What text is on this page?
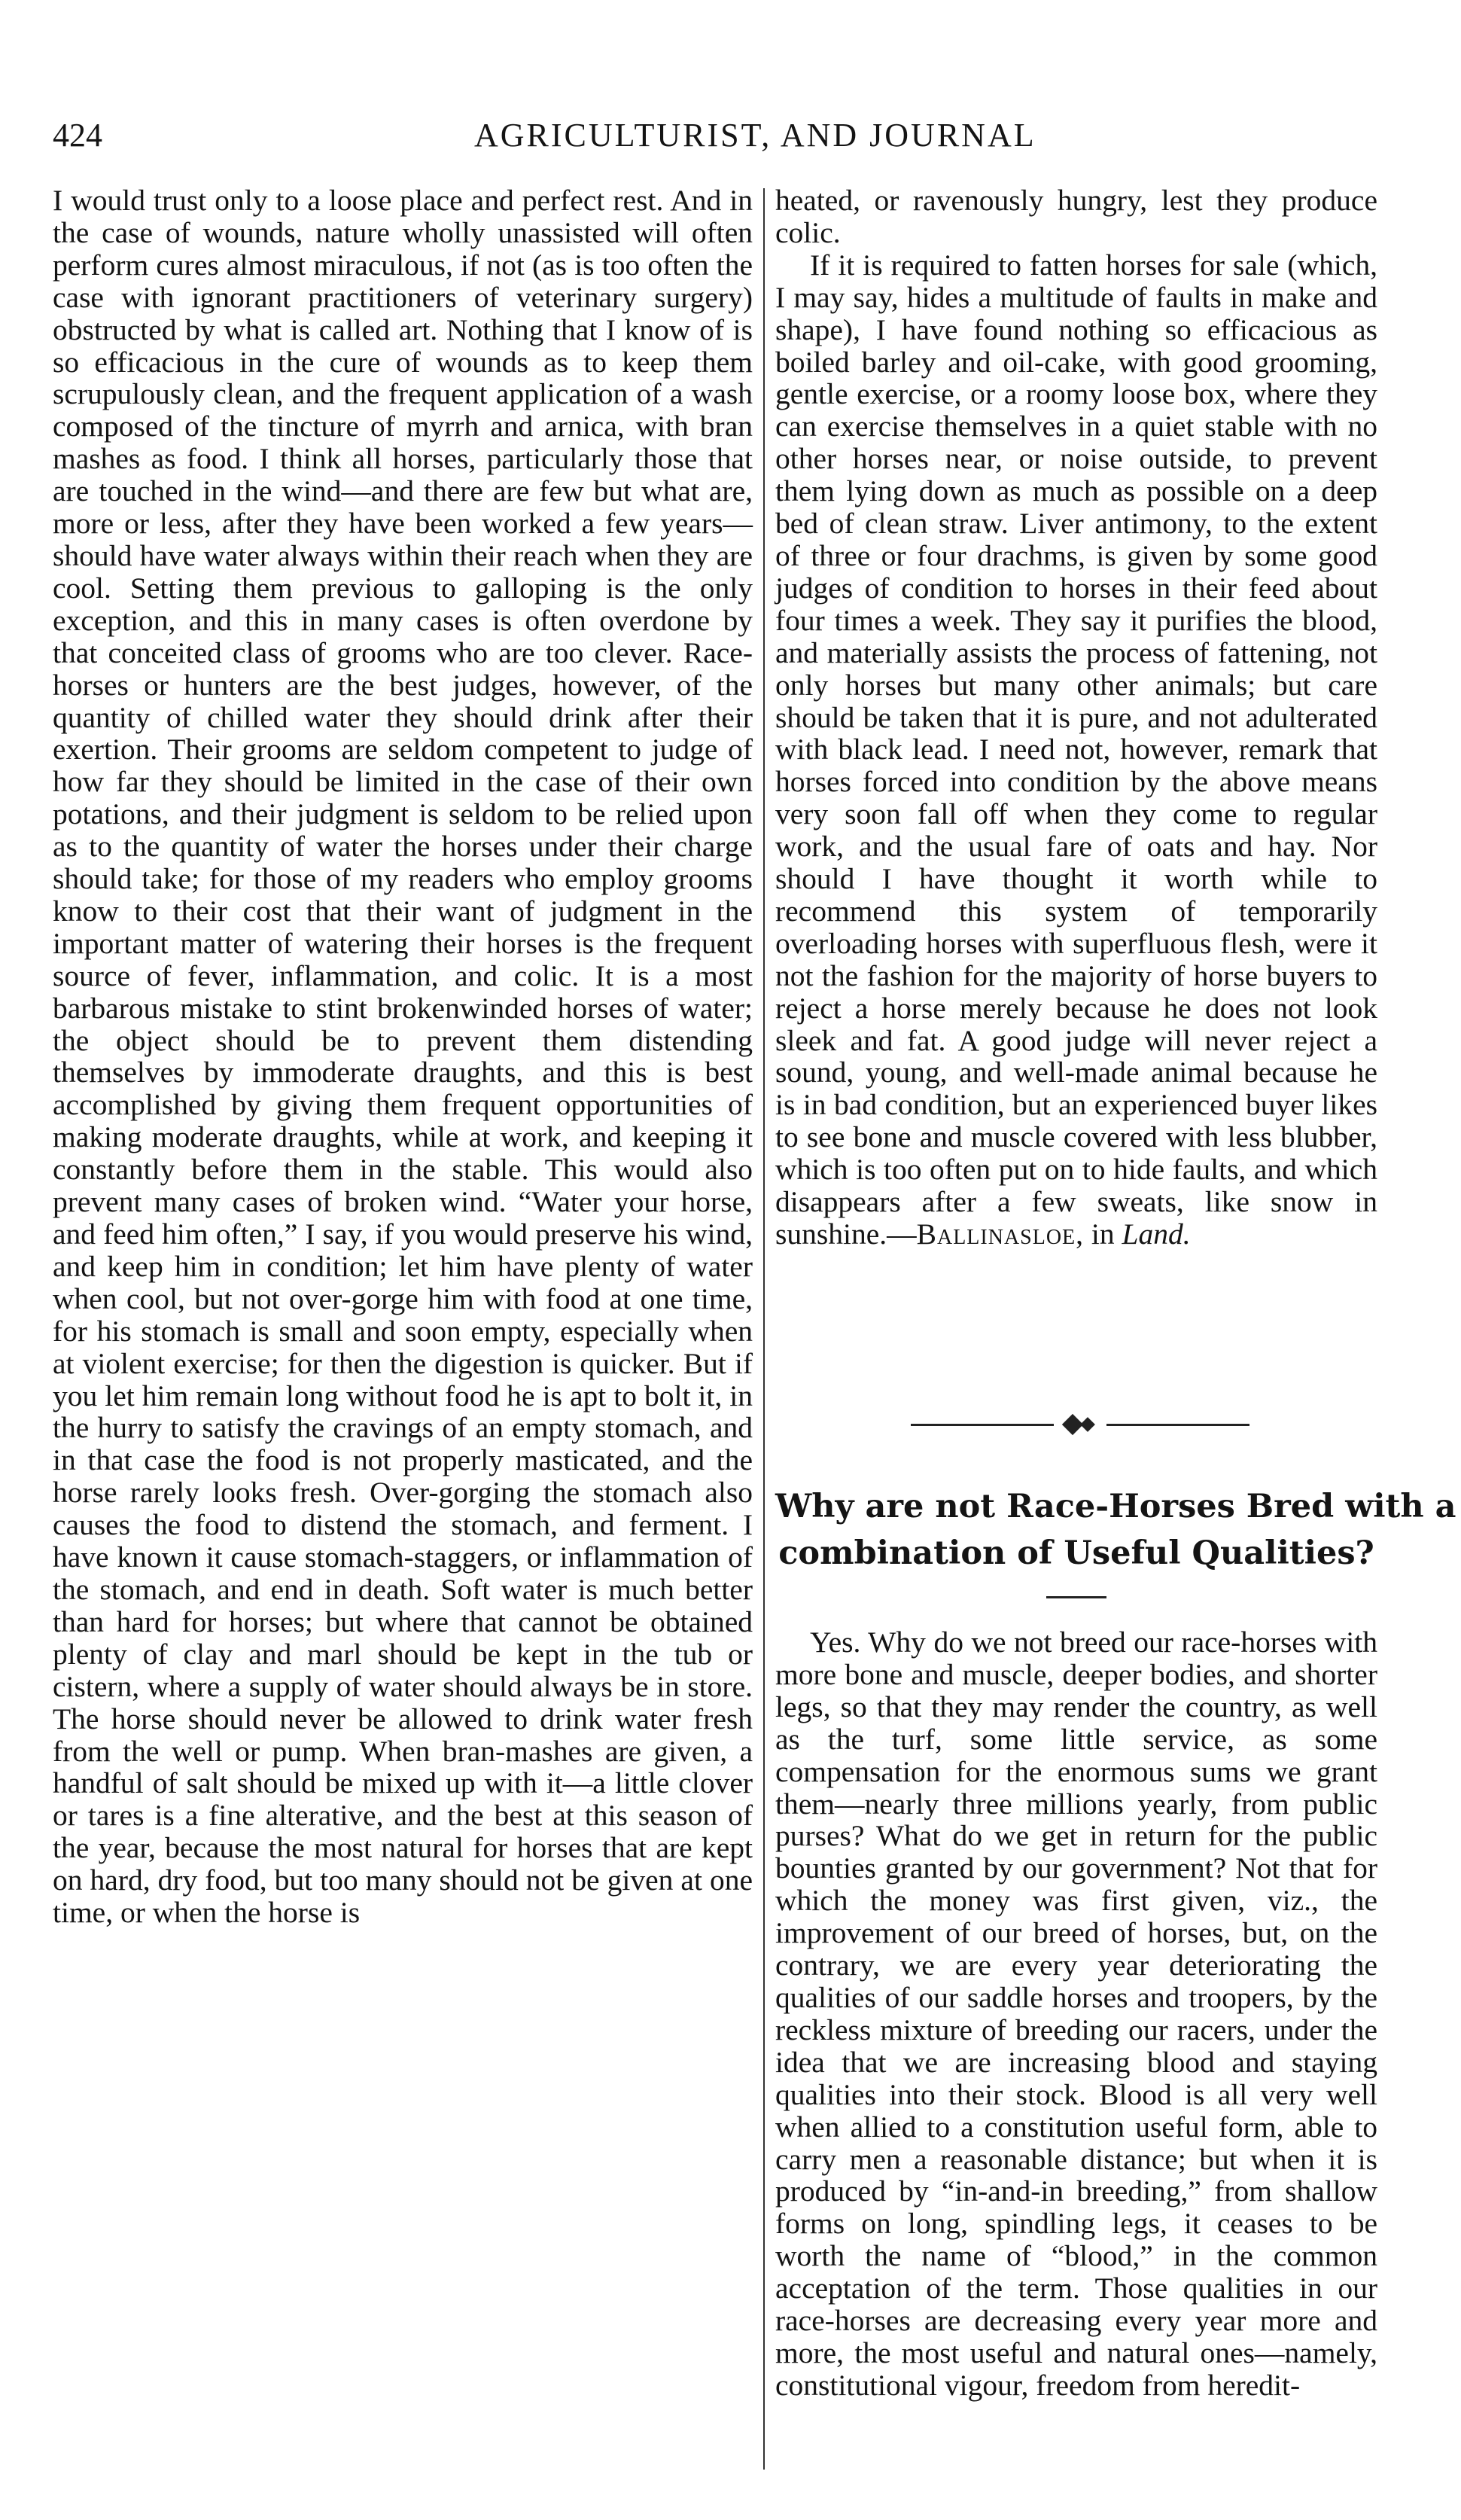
424	AGRICULTURIST, AND JOURNAL

I would trust only to a loose place and perfect rest. And in the case of wounds, nature wholly unassisted will often perform cures almost miraculous, if not (as is too often the case with ignorant practitioners of veterinary surgery) obstructed by what is called art. Nothing that I know of is so efficacious in the cure of wounds as to keep them scrupulously clean, and the frequent application of a wash composed of the tincture of myrrh and arnica, with bran mashes as food. I think all horses, particularly those that are touched in the wind—and there are few but what are, more or less, after they have been worked a few years—should have water always within their reach when they are cool. Setting them previous to galloping is the only exception, and this in many cases is often overdone by that conceited class of grooms who are too clever. Race-horses or hunters are the best judges, however, of the quantity of chilled water they should drink after their exertion. Their grooms are seldom competent to judge of how far they should be limited in the case of their own potations, and their judgment is seldom to be relied upon as to the quantity of water the horses under their charge should take; for those of my readers who employ grooms know to their cost that their want of judgment in the important matter of watering their horses is the frequent source of fever, inflammation, and colic. It is a most barbarous mistake to stint brokenwinded horses of water; the object should be to prevent them distending themselves by immoderate draughts, and this is best accomplished by giving them frequent opportunities of making moderate draughts, while at work, and keeping it constantly before them in the stable. This would also prevent many cases of broken wind. “Water your horse, and feed him often,” I say, if you would preserve his wind, and keep him in condition; let him have plenty of water when cool, but not over-gorge him with food at one time, for his stomach is small and soon empty, especially when at violent exercise; for then the digestion is quicker. But if you let him remain long without food he is apt to bolt it, in the hurry to satisfy the cravings of an empty stomach, and in that case the food is not properly masticated, and the horse rarely looks fresh. Over-gorging the stomach also causes the food to distend the stomach, and ferment. I have known it cause stomach-staggers, or inflammation of the stomach, and end in death. Soft water is much better than hard for horses; but where that cannot be obtained plenty of clay and marl should be kept in the tub or cistern, where a supply of water should always be in store. The horse should never be allowed to drink water fresh from the well or pump. When bran-mashes are given, a handful of salt should be mixed up with it—a little clover or tares is a fine alterative, and the best at this season of the year, because the most natural for horses that are kept on hard, dry food, but too many should not be given at one time, or when the horse is

heated, or ravenously hungry, lest they produce colic.

If it is required to fatten horses for sale (which, I may say, hides a multitude of faults in make and shape), I have found nothing so efficacious as boiled barley and oil-cake, with good grooming, gentle exercise, or a roomy loose box, where they can exercise themselves in a quiet stable with no other horses near, or noise outside, to prevent them lying down as much as possible on a deep bed of clean straw. Liver antimony, to the extent of three or four drachms, is given by some good judges of condition to horses in their feed about four times a week. They say it purifies the blood, and materially assists the process of fattening, not only horses but many other animals; but care should be taken that it is pure, and not adulterated with black lead. I need not, however, remark that horses forced into condition by the above means very soon fall off when they come to regular work, and the usual fare of oats and hay. Nor should I have thought it worth while to recommend this system of temporarily overloading horses with superfluous flesh, were it not the fashion for the majority of horse buyers to reject a horse merely because he does not look sleek and fat. A good judge will never reject a sound, young, and well-made animal because he is in bad condition, but an experienced buyer likes to see bone and muscle covered with less blubber, which is too often put on to hide faults, and which disappears after a few sweats, like snow in sunshine.—Ballinasloe, in Land.

Why are not Race-Horses Bred with a
combination of Useful Qualities?

Yes. Why do we not breed our race-horses with more bone and muscle, deeper bodies, and shorter legs, so that they may render the country, as well as the turf, some little service, as some compensation for the enormous sums we grant them—nearly three millions yearly, from public purses? What do we get in return for the public bounties granted by our government? Not that for which the money was first given, viz., the improvement of our breed of horses, but, on the contrary, we are every year deteriorating the qualities of our saddle horses and troopers, by the reckless mixture of breeding our racers, under the idea that we are increasing blood and staying qualities into their stock. Blood is all very well when allied to a constitution useful form, able to carry men a reasonable distance; but when it is produced by “in-and-in breeding,” from shallow forms on long, spindling legs, it ceases to be worth the name of “blood,” in the common acceptation of the term. Those qualities in our race-horses are decreasing every year more and more, the most useful and natural ones—namely, constitutional vigour, freedom from heredit-
